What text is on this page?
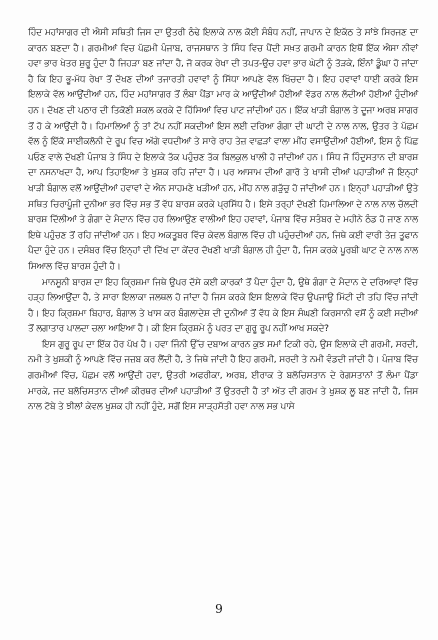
ਹਿੰਦ ਮਹਾਂਸਾਗਰ ਦੀ ਐਸੀ ਸਥਿਤੀ ਜਿਸ ਦਾ ਉਤਰੀ ਠੰਢੇ ਇਲਾਕੇ ਨਾਲ ਕੋਈ ਸੰਬੰਧ ਨਹੀਂ, ਜਾਪਾਨ ਦੇ ਇਕੱਠ ਤੇ ਸਾਂਝੇ ਸਿਰਜਣ ਦਾ ਕਾਰਨ ਬਣਦਾ ਹੈ। ਗਰਮੀਆਂ ਵਿਚ ਪੱਛਮੀ ਪੰਜਾਬ, ਰਾਜਸਥਾਨ ਤੇ ਸਿੰਧ ਵਿਚ ਪੈਂਦੀ ਸਖ਼ਤ ਗਰਮੀ ਕਾਰਨ ਇਥੋਂ ਇੱਕ ਐਸਾ ਨੀਵਾਂ ਹਵਾ ਭਾਰ ਖੇਤਰ ਸ਼ੁਰੂ ਹੁੰਦਾ ਹੈ ਜਿਹੜਾ ਬਣ ਜਾਂਦਾ ਹੈ, ਜੋ ਕਰਕ ਰੇਖਾ ਦੀ ਤਪਤ-ਉਚ ਹਵਾ ਭਾਰ ਘੇਟੀ ਨੂੰ ਤੋੜਕੇ, ਇੰਨਾਂ ਡੂੰਘਾ ਹੋ ਜਾਂਦਾ ਹੈ ਕਿ ਇਹ ਭੂ-ਮੱਧ ਰੇਖਾ ਤੋਂ ਦੱਖਣ ਦੀਆਂ ਤਜਾਰਤੀ ਹਵਾਵਾਂ ਨੂੰ ਸਿੱਧਾ ਆਪਣੇ ਵੱਲ ਖਿੱਚਦਾ ਹੈ। ਇਹ ਹਵਾਵਾਂ ਧਾਈ ਕਰਕੇ ਇਸ ਇਲਾਕੇ ਵੱਲ ਆਉਂਦੀਆਂ ਹਨ, ਹਿੰਦ ਮਹਾਂਸਾਗਰ ਤੋਂ ਲੰਬਾ ਪੈਂਡਾ ਮਾਰ ਕੇ ਆਉਂਦੀਆਂ ਹੋਈਆਂ ਵੱਡਰ ਨਾਲ ਲੱਦੀਆਂ ਹੋਈਆਂ ਹੁੰਦੀਆਂ ਹਨ। ਦੱਖਣ ਦੀ ਪਠਾਰ ਦੀ ਤਿਕੋਣੀ ਸ਼ਕਲ ਕਰਕੇ ਦੋ ਹਿੱਸਿਆਂ ਵਿਚ ਪਾਟ ਜਾਂਦੀਆਂ ਹਨ। ਇੱਕ ਖਾੜੀ ਬੰਗਾਲ ਤੇ ਦੂਜਾ ਅਰਬ ਸਾਗਰ ਤੋਂ ਹੋ ਕੇ ਆਉਂਦੀ ਹੈ। ਹਿਮਾਲਿਆਂ ਨੂੰ ਤਾਂ ਟੱਪ ਨਹੀਂ ਸਕਦੀਆਂ ਇਸ ਲਈ ਦਰਿਆ ਗੰਗਾ ਦੀ ਘਾਟੀ ਦੇ ਨਾਲ ਨਾਲ, ਉਤਰ ਤੇ ਪੱਛਮ ਵੱਲ ਨੂੰ ਇੱਕੋ ਸਾਈਕਲੋਨੀ ਦੇ ਰੂਪ ਵਿਚ ਅੱਗੇ ਵਧਦੀਆਂ ਤੇ ਸਾਰੇ ਰਾਹ ਤੇਜ਼ ਵਾਛੜਾਂ ਵਾਲਾ ਮੀਂਹ ਵਸਾਉਂਦੀਆਂ ਹੋਈਆਂ, ਇਸ ਨੂੰ ਪਿੱਛ ਪਓਣ ਵਾਲੇ ਦੱਖਣੀ ਪੰਜਾਬ ਤੇ ਸਿੰਧ ਦੇ ਇਲਾਕੇ ਤੱਕ ਪਹੁੰਚਣ ਤੱਕ ਬਿਲਕੁਲ ਖਾਲੀ ਹੋ ਜਾਂਦੀਆਂ ਹਨ। ਸਿੰਧ ਜੋ ਹਿੰਦੁਸਤਾਨ ਦੀ ਬਾਰਸ਼ ਦਾ ਨਸਨਾਖਦਾ ਹੈ, ਆਪ ਤਿਹਾਇਆ ਤੇ ਖੁਸ਼ਕ ਰਹਿ ਜਾਂਦਾ ਹੈ। ਪਰ ਆਸਾਮ ਦੀਆਂ ਗਾਰੋ ਤੇ ਖਾਸੀ ਦੀਆਂ ਪਹਾੜੀਆਂ ਜੋ ਇਨ੍ਹਾਂ ਖਾੜੀ ਬੰਗਾਲ ਵਲੋਂ ਆਉਂਦੀਆਂ ਹਵਾਵਾਂ ਦੇ ਐਨ ਸਾਹਮਣੇ ਖੜੀਆਂ ਹਨ, ਮੀਂਹ ਨਾਲ ਗੜੁੱਚੁ ਹੋ ਜਾਂਦੀਆਂ ਹਨ। ਇਨ੍ਹਾਂ ਪਹਾੜੀਆਂ ਉਤੇ ਸਥਿਤ ਚਿਰਾਪੂੰਜੀ ਦੁਨੀਆ ਭਰ ਵਿੱਚ ਸਭ ਤੋਂ ਵੱਧ ਬਾਰਸ਼ ਕਰਕੇ ਪ੍ਰਸਿੱਧ ਹੈ। ਇਸੇ ਤਰ੍ਹਾਂ ਦੱਖਣੀ ਹਿਮਾਲਿਆ ਦੇ ਨਾਲ ਨਾਲ ਚੱਲਦੀ ਬਾਰਸ਼ ਦਿੱਲੀਆਂ ਤੇ ਗੰਗਾ ਦੇ ਮੈਦਾਨ ਵਿੱਚ ਹਰ ਲਿਆਉਣ ਵਾਲੀਆਂ ਇਹ ਹਵਾਵਾਂ, ਪੰਜਾਬ ਵਿੱਚ ਸਤੰਬਰ ਦੇ ਮਹੀਨੇ ਠੰਡ ਹੋ ਜਾਣ ਨਾਲ ਇਥੇ ਪਹੁੰਚਣ ਤੋਂ ਰਹਿ ਜਾਂਦੀਆਂ ਹਨ। ਇਹ ਅਕਤੂਬਰ ਵਿੱਚ ਕੇਵਲ ਬੰਗਾਲ ਵਿੱਚ ਹੀ ਪਹੁੰਚਦੀਆਂ ਹਨ, ਜਿਥੇ ਕਈ ਵਾਰੀ ਤੇਜ਼ ਤੂਫਾਨ ਪੈਦਾ ਹੁੰਦੇ ਹਨ। ਦਸੰਬਰ ਵਿੱਚ ਇਨ੍ਹਾਂ ਦੀ ਦਿੱਖ ਦਾ ਕੇਂਦਰ ਦੱਖਣੀ ਖਾੜੀ ਬੰਗਾਲ ਹੀ ਹੁੰਦਾ ਹੈ, ਜਿਸ ਕਰਕੇ ਪੂਰਬੀ ਘਾਟ ਦੇ ਨਾਲ ਨਾਲ ਸਿਆਲ ਵਿੱਚ ਬਾਰਸ਼ ਹੁੰਦੀ ਹੈ।

ਮਾਨਸੂਨੀ ਬਾਰਸ਼ ਦਾ ਇਹ ਕ੍ਰਿਸ਼ਮਾ ਜਿਥੇ ਉਪਰ ਦੱਸੇ ਕਈ ਕਾਰਕਾਂ ਤੋਂ ਪੈਦਾ ਹੁੰਦਾ ਹੈ, ਉਥੇ ਗੰਗਾ ਦੇ ਮੈਦਾਨ ਦੇ ਦਰਿਆਵਾਂ ਵਿੱਚ ਹੜ੍ਹ ਲਿਆਉਂਦਾ ਹੈ, ਤੇ ਸਾਰਾ ਇਲਾਕਾ ਜਲਥਲ ਹੋ ਜਾਂਦਾ ਹੈ ਜਿਸ ਕਰਕੇ ਇਸ ਇਲਾਕੇ ਵਿੱਚ ਉਪਜਾਊ ਮਿੱਟੀ ਦੀ ਤਹਿ ਵਿੱਚ ਜਾਂਦੀ ਹੈ। ਇਹ ਕ੍ਰਿਸ਼ਮਾ ਬਿਹਾਰ, ਬੰਗਾਲ ਤੇ ਖਾਸ ਕਰ ਬੰਗਲਾਦੇਸ਼ ਦੀ ਦੁਨੀਆਂ ਤੋਂ ਵੱਧ ਕੇ ਇਸ ਸੰਘਣੀ ਕਿਰਸਾਨੀ ਵਸੋਂ ਨੂੰ ਕਈ ਸਦੀਆਂ ਤੋਂ ਲਗਾਤਾਰ ਪਾਲਦਾ ਚਲਾ ਆਇਆ ਹੈ। ਕੀ ਇਸ ਕ੍ਰਿਸ਼ਮੇ ਨੂੰ ਪਰਤ ਦਾ ਗੁਰੂ ਰੂਪ ਨਹੀਂ ਆਖ ਸਕਦੇ?

ਇਸ ਗੁਰੂ ਰੂਪ ਦਾ ਇੱਕ ਹੋਰ ਪੱਖ ਹੈ। ਹਵਾ ਜਿੰਨੀ ਉੱਚ ਦਬਾਅ ਕਾਰਨ ਕੁਝ ਸਮਾਂ ਟਿਕੀ ਰਹੇ, ਉਸ ਇਲਾਕੇ ਦੀ ਗਰਮੀ, ਸਰਦੀ, ਨਮੀ ਤੇ ਖੁਸ਼ਕੀ ਨੂੰ ਆਪਣੇ ਵਿੱਚ ਜਜ਼ਬ ਕਰ ਲੈਂਦੀ ਹੈ, ਤੇ ਜਿਥੇ ਜਾਂਦੀ ਹੈ ਇਹ ਗਰਮੀ, ਸਰਦੀ ਤੇ ਨਮੀ ਵੰਡਦੀ ਜਾਂਦੀ ਹੈ। ਪੰਜਾਬ ਵਿੱਚ ਗਰਮੀਆਂ ਵਿੱਚ, ਪੱਛਮ ਵਲੋਂ ਆਉਂਦੀ ਹਵਾ, ਉਤਰੀ ਅਫਰੀਕਾ, ਅਰਬ, ਈਰਾਕ ਤੇ ਬਲੋਚਿਸਤਾਨ ਦੇ ਰੇਗਸਤਾਨਾਂ ਤੋਂ ਲੰਮਾ ਪੈਂਡਾ ਮਾਰਕੇ, ਜਦ ਬਲੋਚਿਸਤਾਨ ਦੀਆਂ ਕੀਰਥਰ ਦੀਆਂ ਪਹਾੜੀਆਂ ਤੋਂ ਉਤਰਦੀ ਹੈ ਤਾਂ ਅੱਤ ਦੀ ਗਰਮ ਤੇ ਖੁਸ਼ਕ ਲੂ ਬਣ ਜਾਂਦੀ ਹੈ, ਜਿਸ ਨਾਲ ਟੋਬੇ ਤੇ ਝੀਲਾਂ ਕੇਵਲ ਖੁਸ਼ਕ ਹੀ ਨਹੀਂ ਹੁੰਦੇ, ਸਗੋਂ ਇਸ ਸਾੜ੍ਹਸੱਤੀ ਹਵਾ ਨਾਲ ਸਭ ਪਾਸੇ

9
